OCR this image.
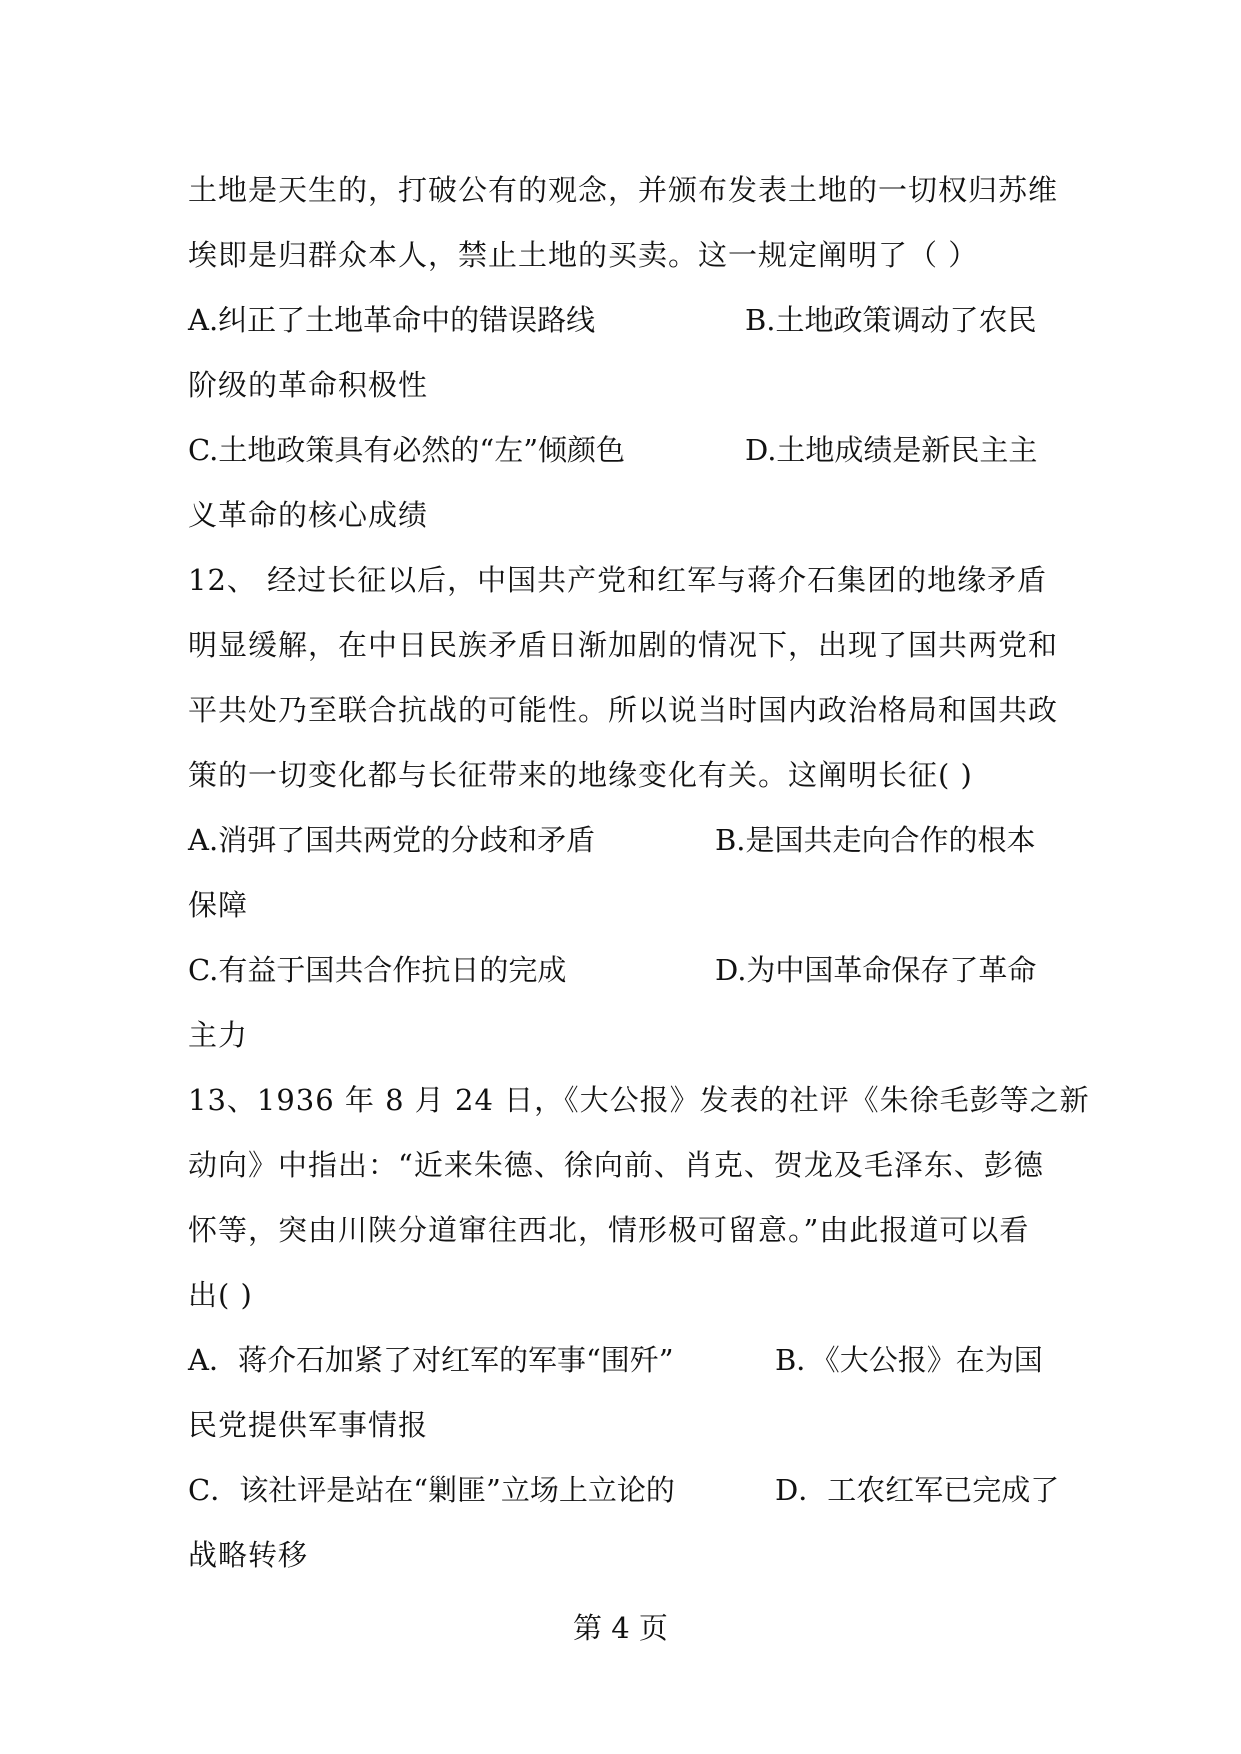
土地是天生的，打破公有的观念，并颁布发表土地的一切权归苏维
埃即是归群众本人，禁止土地的买卖。这一规定阐明了（ ）
A.纠正了土地革命中的错误路线	B.土地政策调动了农民
阶级的革命积极性
C.土地政策具有必然的“左”倾颜色	D.土地成绩是新民主主
义革命的核心成绩
12、 经过长征以后，中国共产党和红军与蒋介石集团的地缘矛盾
明显缓解，在中日民族矛盾日渐加剧的情况下，出现了国共两党和
平共处乃至联合抗战的可能性。所以说当时国内政治格局和国共政
策的一切变化都与长征带来的地缘变化有关。这阐明长征( )
A.消弭了国共两党的分歧和矛盾	B.是国共走向合作的根本
保障
C.有益于国共合作抗日的完成	D.为中国革命保存了革命
主力
13、1936 年 8 月 24 日，《大公报》发表的社评《朱徐毛彭等之新
动向》中指出：“近来朱德、徐向前、肖克、贺龙及毛泽东、彭德
怀等，突由川陕分道窜往西北，情形极可留意。”由此报道可以看
出( )
A．蒋介石加紧了对红军的军事“围歼”	B．《大公报》在为国
民党提供军事情报
C．该社评是站在“剿匪”立场上立论的	D．工农红军已完成了
战略转移
第 4 页
